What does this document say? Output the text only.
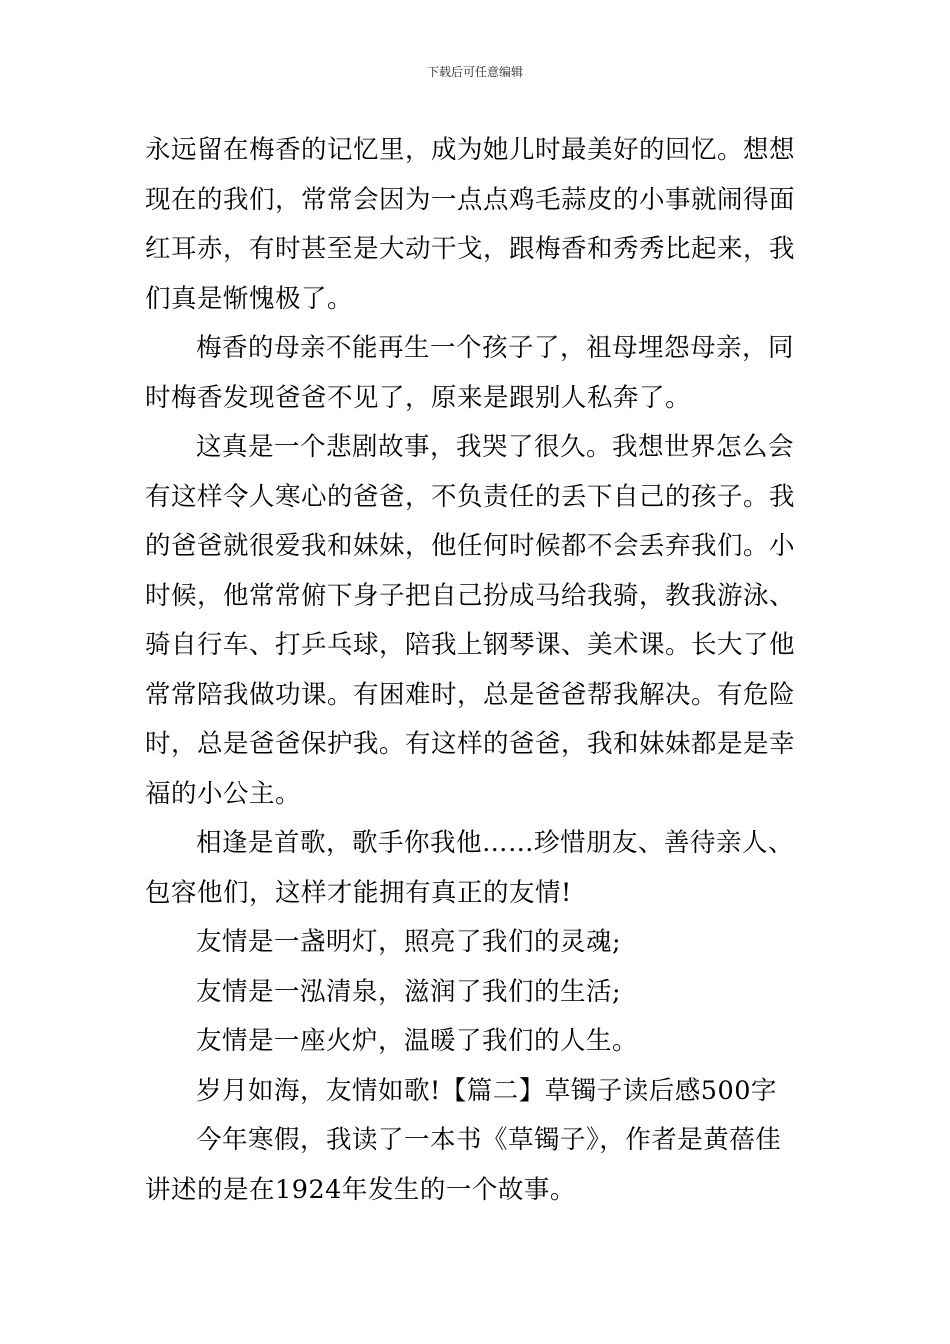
下载后可任意编辑

永远留在梅香的记忆里，成为她儿时最美好的回忆。想想现在的我们，常常会因为一点点鸡毛蒜皮的小事就闹得面红耳赤，有时甚至是大动干戈，跟梅香和秀秀比起来，我们真是惭愧极了。

梅香的母亲不能再生一个孩子了，祖母埋怨母亲，同时梅香发现爸爸不见了，原来是跟别人私奔了。

这真是一个悲剧故事，我哭了很久。我想世界怎么会有这样令人寒心的爸爸，不负责任的丢下自己的孩子。我的爸爸就很爱我和妹妹，他任何时候都不会丢弃我们。小时候，他常常俯下身子把自己扮成马给我骑，教我游泳、骑自行车、打乒乓球，陪我上钢琴课、美术课。长大了他常常陪我做功课。有困难时，总是爸爸帮我解决。有危险时，总是爸爸保护我。有这样的爸爸，我和妹妹都是是幸福的小公主。

相逢是首歌，歌手你我他……珍惜朋友、善待亲人、包容他们，这样才能拥有真正的友情!

友情是一盏明灯，照亮了我们的灵魂;

友情是一泓清泉，滋润了我们的生活;

友情是一座火炉，温暖了我们的人生。

岁月如海，友情如歌!【篇二】草镯子读后感500字

今年寒假，我读了一本书《草镯子》，作者是黄蓓佳讲述的是在1924年发生的一个故事。
